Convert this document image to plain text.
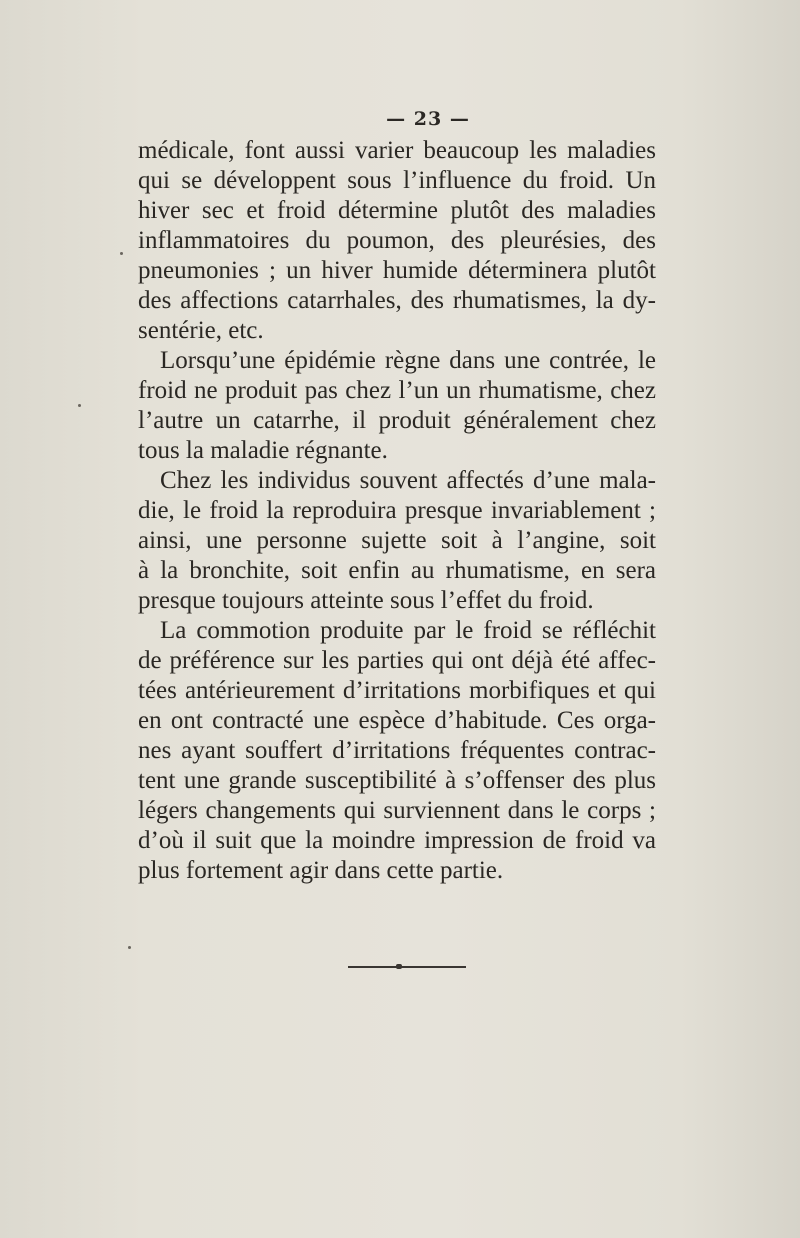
— 23 —
médicale, font aussi varier beaucoup les maladies
qui se développent sous l’influence du froid. Un
hiver sec et froid détermine plutôt des maladies
inflammatoires du poumon, des pleurésies, des
pneumonies ; un hiver humide déterminera plutôt
des affections catarrhales, des rhumatismes, la dy-
sentérie, etc.
Lorsqu’une épidémie règne dans une contrée, le
froid ne produit pas chez l’un un rhumatisme, chez
l’autre un catarrhe, il produit généralement chez
tous la maladie régnante.
Chez les individus souvent affectés d’une mala-
die, le froid la reproduira presque invariablement ;
ainsi, une personne sujette soit à l’angine, soit
à la bronchite, soit enfin au rhumatisme, en sera
presque toujours atteinte sous l’effet du froid.
La commotion produite par le froid se réfléchit
de préférence sur les parties qui ont déjà été affec-
tées antérieurement d’irritations morbifiques et qui
en ont contracté une espèce d’habitude. Ces orga-
nes ayant souffert d’irritations fréquentes contrac-
tent une grande susceptibilité à s’offenser des plus
légers changements qui surviennent dans le corps ;
d’où il suit que la moindre impression de froid va
plus fortement agir dans cette partie.
